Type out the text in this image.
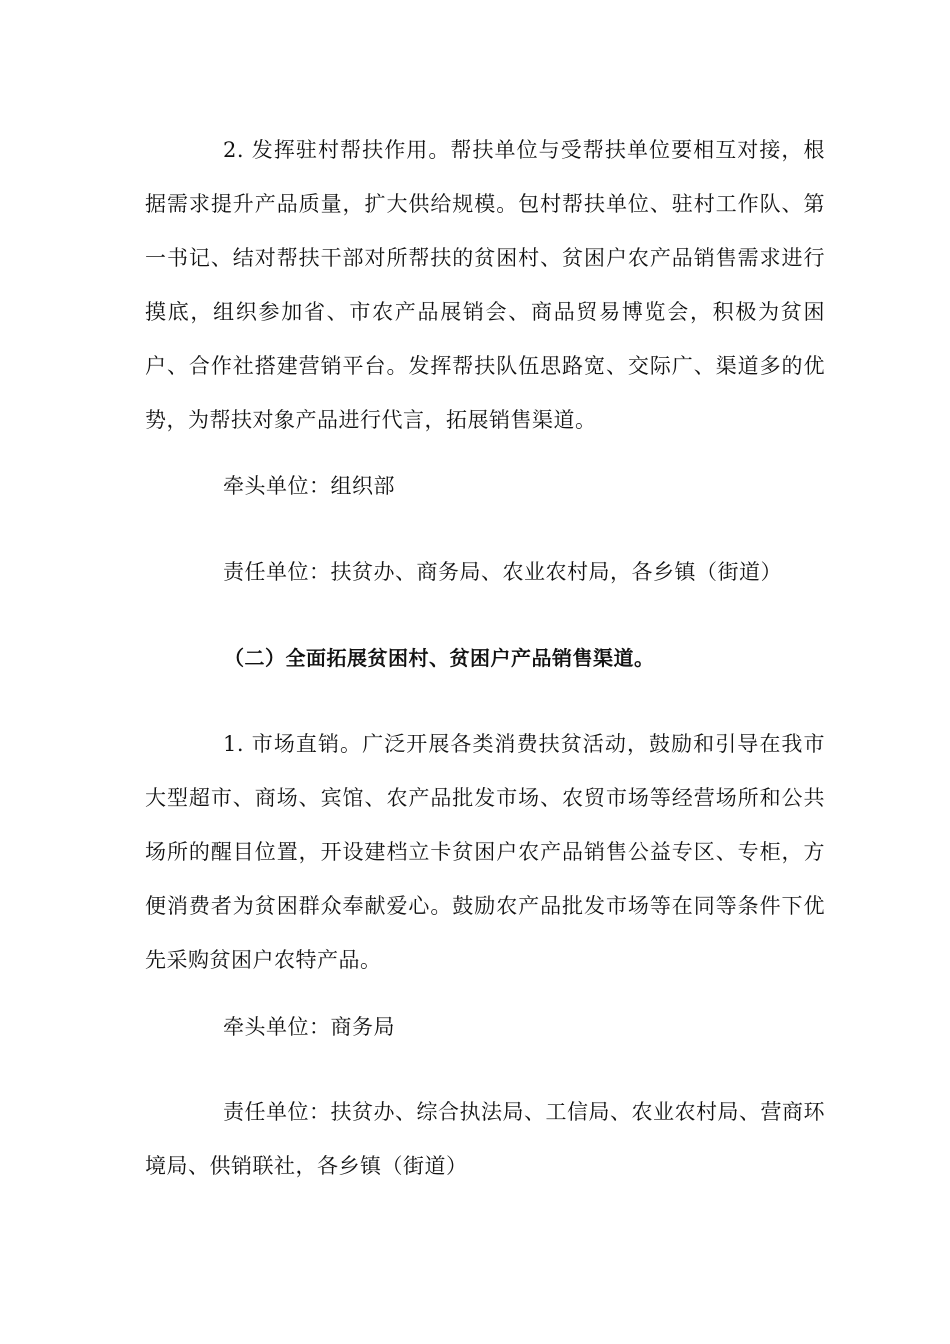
2. 发挥驻村帮扶作用。帮扶单位与受帮扶单位要相互对接，根据需求提升产品质量，扩大供给规模。包村帮扶单位、驻村工作队、第一书记、结对帮扶干部对所帮扶的贫困村、贫困户农产品销售需求进行摸底，组织参加省、市农产品展销会、商品贸易博览会，积极为贫困户、合作社搭建营销平台。发挥帮扶队伍思路宽、交际广、渠道多的优势，为帮扶对象产品进行代言，拓展销售渠道。

牵头单位：组织部

责任单位：扶贫办、商务局、农业农村局，各乡镇（街道）

（二）全面拓展贫困村、贫困户产品销售渠道。

1. 市场直销。广泛开展各类消费扶贫活动，鼓励和引导在我市大型超市、商场、宾馆、农产品批发市场、农贸市场等经营场所和公共场所的醒目位置，开设建档立卡贫困户农产品销售公益专区、专柜，方便消费者为贫困群众奉献爱心。鼓励农产品批发市场等在同等条件下优先采购贫困户农特产品。

牵头单位：商务局

责任单位：扶贫办、综合执法局、工信局、农业农村局、营商环境局、供销联社，各乡镇（街道）
